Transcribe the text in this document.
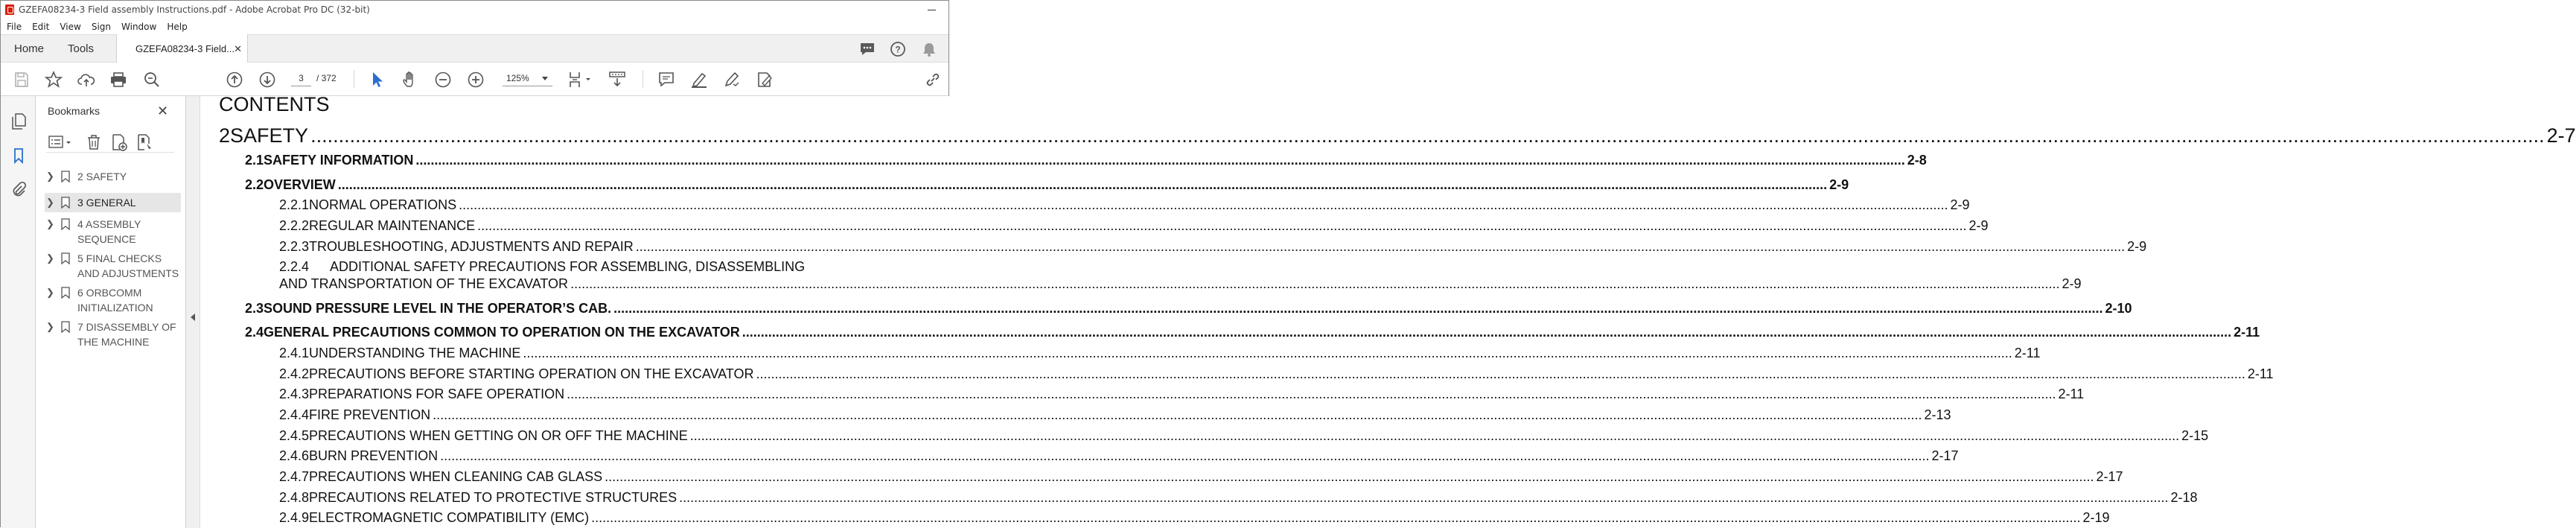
GZEFA08234-3 Field assembly Instructions.pdf - Adobe Acrobat Pro DC (32-bit)
File	Edit	View	Sign	Window	Help
Home Tools	GZEFA08234-3 Field... ✕	?
3	/ 372	125%
Bookmarks	✕
❯ 2 SAFETY
❯ 3 GENERAL
❯ 4 ASSEMBLY SEQUENCE
❯ 5 FINAL CHECKS AND ADJUSTMENTS
❯ 6 ORBCOMM INITIALIZATION
❯ 7 DISASSEMBLY OF THE MACHINE
CONTENTS
2 SAFETY ................................................................................................................................................................................................................................................................................................................................................................................................................ 2-7
2.1 SAFETY INFORMATION ................................................................................................................................................................................................................................................................................................................................................................................................................ 2-8
2.2 OVERVIEW ................................................................................................................................................................................................................................................................................................................................................................................................................ 2-9
2.2.1 NORMAL OPERATIONS ................................................................................................................................................................................................................................................................................................................................................................................................................ 2-9
2.2.2 REGULAR MAINTENANCE ................................................................................................................................................................................................................................................................................................................................................................................................................ 2-9
2.2.3 TROUBLESHOOTING, ADJUSTMENTS AND REPAIR ................................................................................................................................................................................................................................................................................................................................................................................................................ 2-9
2.2.4	ADDITIONAL SAFETY PRECAUTIONS FOR ASSEMBLING, DISASSEMBLING
AND TRANSPORTATION OF THE EXCAVATOR ................................................................................................................................................................................................................................................................................................................................................................................................................ 2-9
2.3 SOUND PRESSURE LEVEL IN THE OPERATOR’S CAB. ................................................................................................................................................................................................................................................................................................................................................................................................................ 2-10
2.4 GENERAL PRECAUTIONS COMMON TO OPERATION ON THE EXCAVATOR ................................................................................................................................................................................................................................................................................................................................................................................................................ 2-11
2.4.1 UNDERSTANDING THE MACHINE ................................................................................................................................................................................................................................................................................................................................................................................................................ 2-11
2.4.2 PRECAUTIONS BEFORE STARTING OPERATION ON THE EXCAVATOR ................................................................................................................................................................................................................................................................................................................................................................................................................ 2-11
2.4.3 PREPARATIONS FOR SAFE OPERATION ................................................................................................................................................................................................................................................................................................................................................................................................................ 2-11
2.4.4 FIRE PREVENTION ................................................................................................................................................................................................................................................................................................................................................................................................................ 2-13
2.4.5 PRECAUTIONS WHEN GETTING ON OR OFF THE MACHINE ................................................................................................................................................................................................................................................................................................................................................................................................................ 2-15
2.4.6 BURN PREVENTION ................................................................................................................................................................................................................................................................................................................................................................................................................ 2-17
2.4.7 PRECAUTIONS WHEN CLEANING CAB GLASS ................................................................................................................................................................................................................................................................................................................................................................................................................ 2-17
2.4.8 PRECAUTIONS RELATED TO PROTECTIVE STRUCTURES ................................................................................................................................................................................................................................................................................................................................................................................................................ 2-18
2.4.9 ELECTROMAGNETIC COMPATIBILITY (EMC) ................................................................................................................................................................................................................................................................................................................................................................................................................ 2-19
